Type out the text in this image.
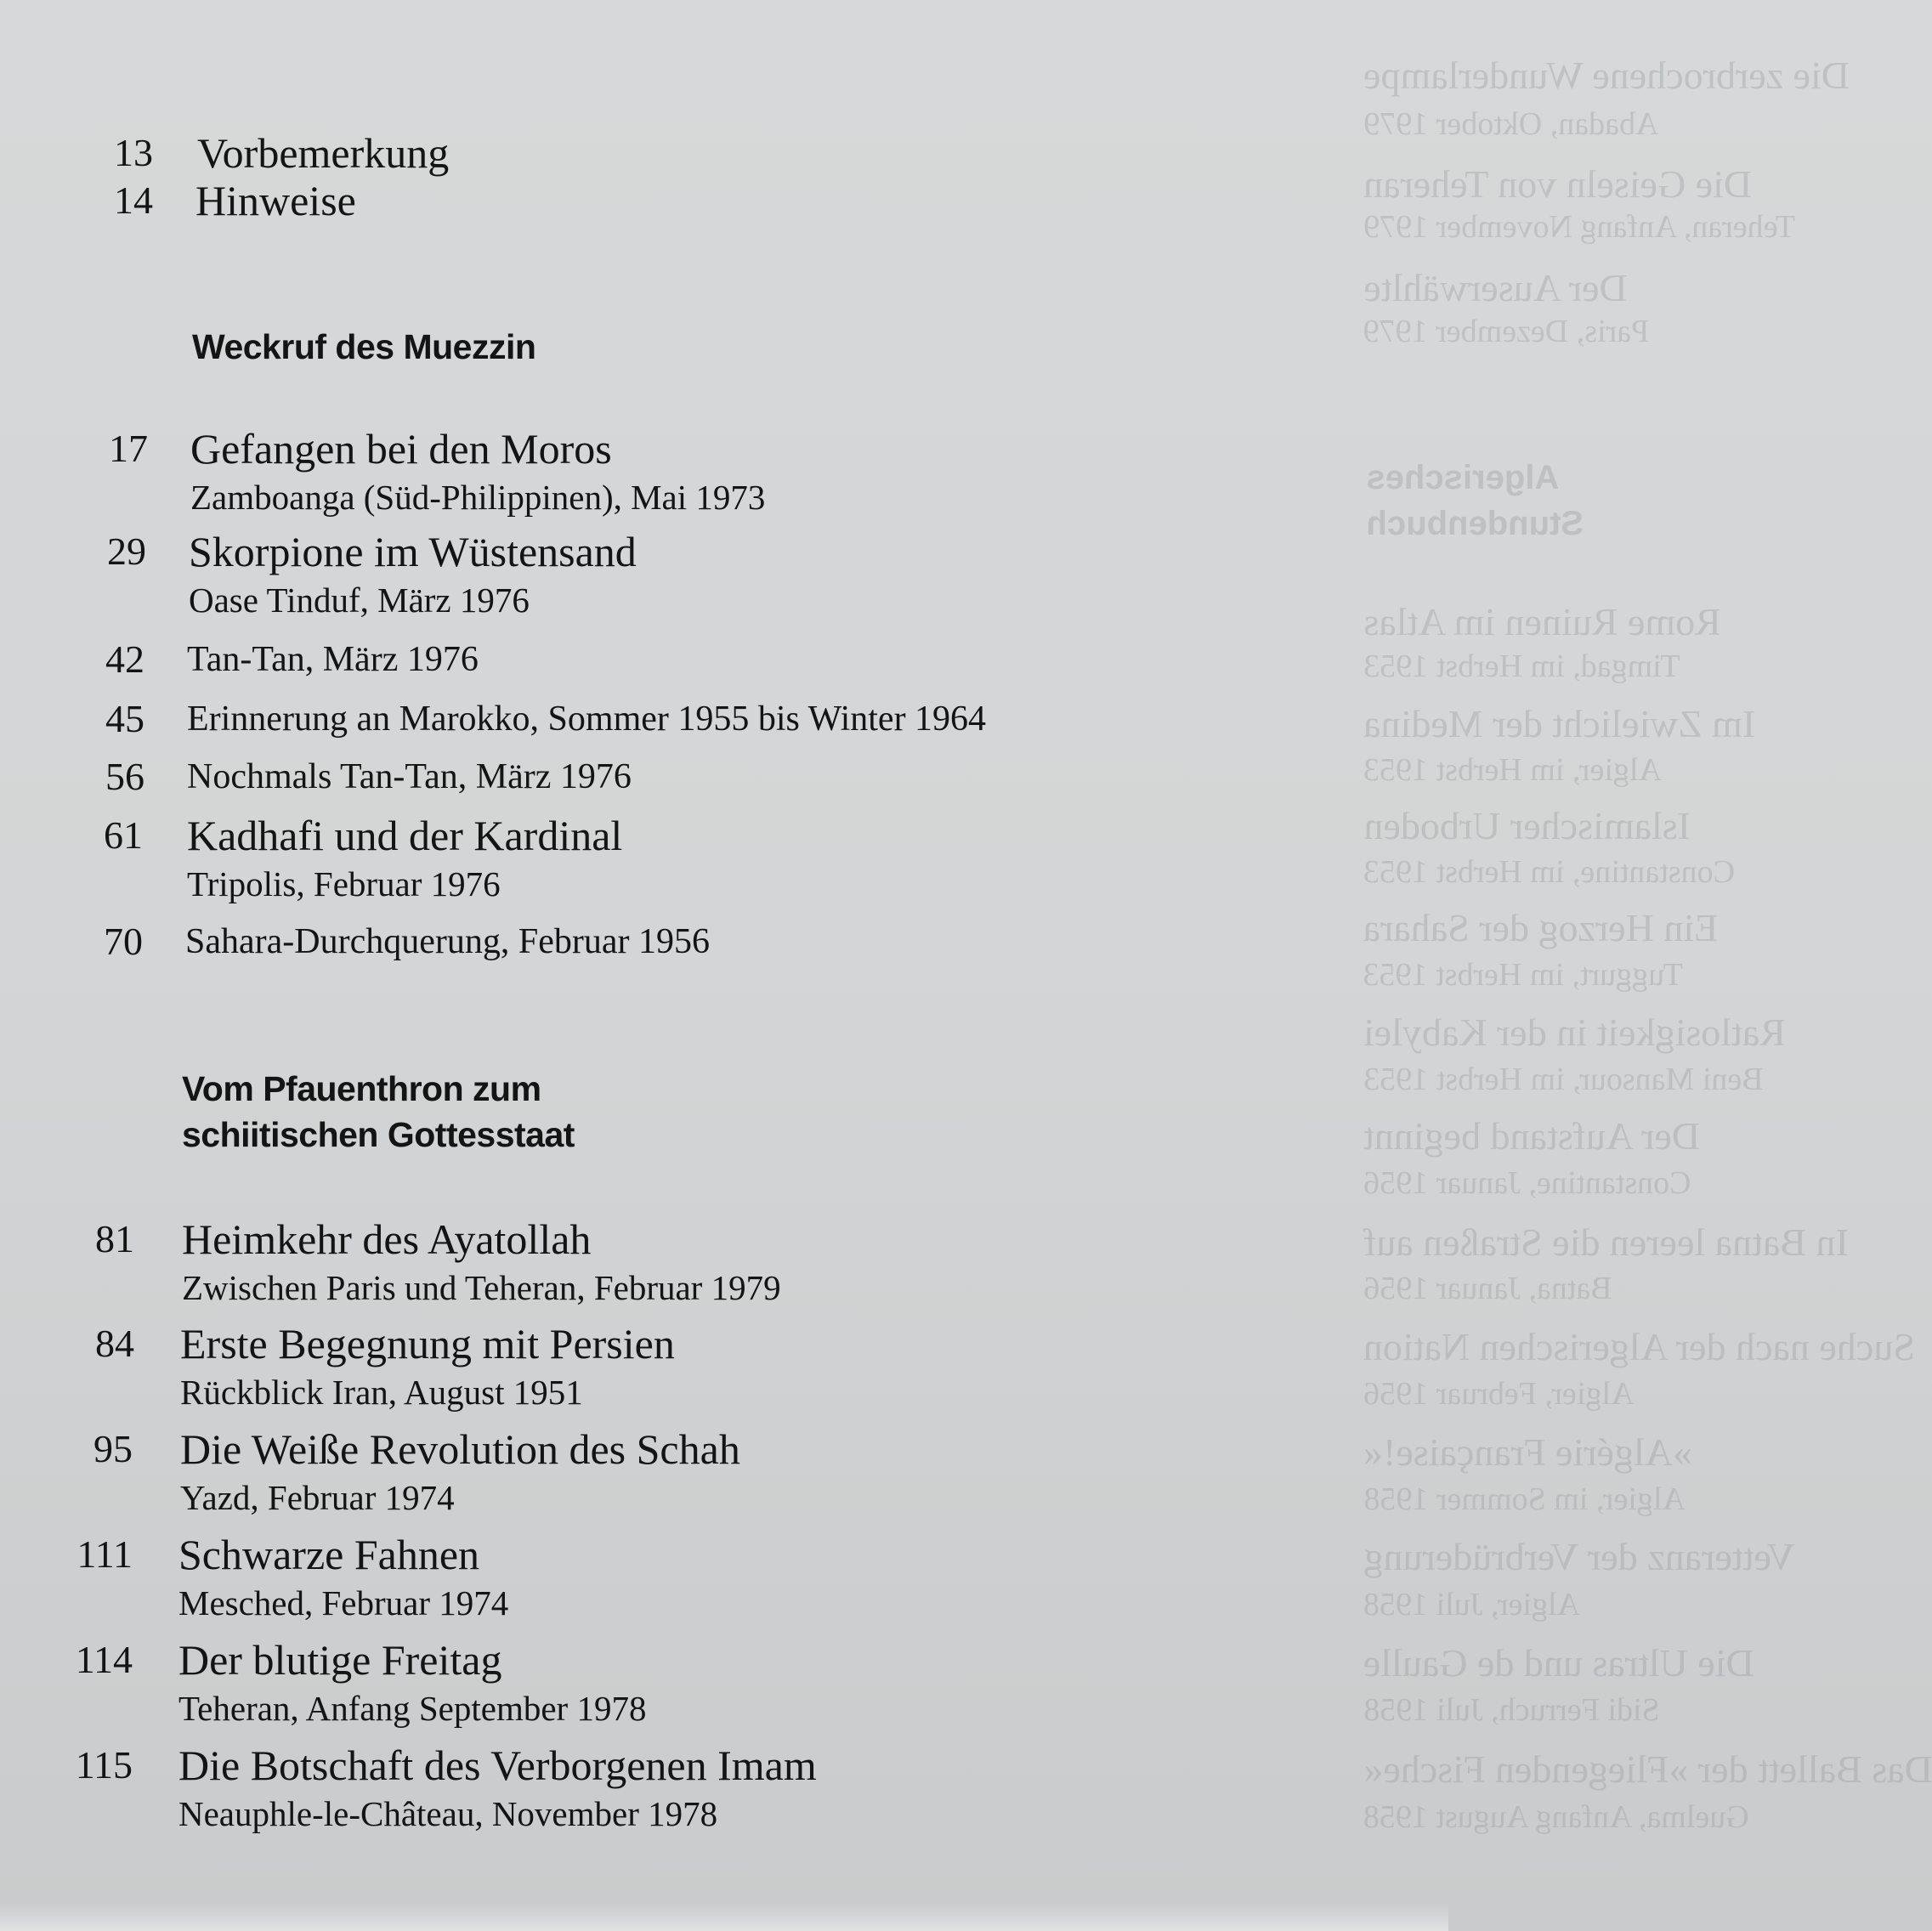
Die zerbrochene Wunderlampe
Abadan, Oktober 1979
Die Geiseln von Teheran
Teheran, Anfang November 1979
Der Auserwählte
Paris, Dezember 1979
Algerisches
Stundenbuch
Rome Ruinen im Atlas
Timgad, im Herbst 1953
Im Zwielicht der Medina
Algier, im Herbst 1953
Islamischer Urboden
Constantine, im Herbst 1953
Ein Herzog der Sahara
Tuggurt, im Herbst 1953
Ratlosigkeit in der Kabylei
Beni Mansour, im Herbst 1953
Der Aufstand beginnt
Constantine, Januar 1956
In Batna leeren die Straßen auf
Batna, Januar 1956
Suche nach der Algerischen Nation
Algier, Februar 1956
»Algérie Française!«
Algier, im Sommer 1958
Vetteranz der Verbrüderung
Algier, Juli 1958
Die Ultras und de Gaulle
Sidi Ferruch, Juli 1958
Das Ballett der »Fliegenden Fische«
Guelma, Anfang August 1958
13 Vorbemerkung
14 Hinweise
Weckruf des Muezzin
17 Gefangen bei den Moros
Zamboanga (Süd-Philippinen), Mai 1973
29 Skorpione im Wüstensand
Oase Tinduf, März 1976
42 Tan-Tan, März 1976
45 Erinnerung an Marokko, Sommer 1955 bis Winter 1964
56 Nochmals Tan-Tan, März 1976
61 Kadhafi und der Kardinal
Tripolis, Februar 1976
70 Sahara-Durchquerung, Februar 1956
Vom Pfauenthron zum
schiitischen Gottesstaat
81 Heimkehr des Ayatollah
Zwischen Paris und Teheran, Februar 1979
84 Erste Begegnung mit Persien
Rückblick Iran, August 1951
95 Die Weiße Revolution des Schah
Yazd, Februar 1974
111 Schwarze Fahnen
Mesched, Februar 1974
114 Der blutige Freitag
Teheran, Anfang September 1978
115 Die Botschaft des Verborgenen Imam
Neauphle-le-Château, November 1978
